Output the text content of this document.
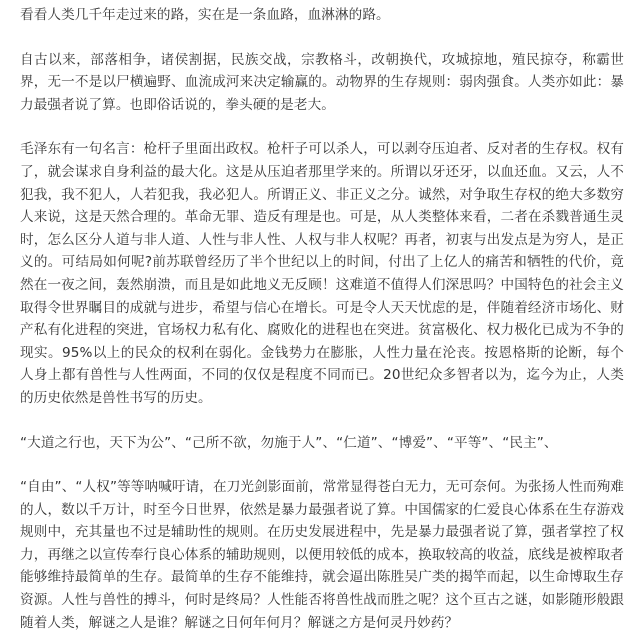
看看人类几千年走过来的路，实在是一条血路，血淋淋的路。

自古以来，部落相争，诸侯割据，民族交战，宗教格斗，改朝换代，攻城掠地，殖民掠夺，称霸世界，无一不是以尸横遍野、血流成河来决定输赢的。动物界的生存规则：弱肉强食。人类亦如此：暴 力最强者说了算。也即俗话说的，拳头硬的是老大。

毛泽东有一句名言：枪杆子里面出政权。枪杆子可以杀人，可以剥夺压迫者、反对者的生存权。权有了，就会谋求自身利益的最大化。这是从压迫者那里学来的。所谓以牙还牙，以血还血。又云，人不犯我，我不犯人，人若犯我，我必犯人。所谓正义、非正义之分。诚然，对争取生存权的绝大多数穷人来说，这是天然合理的。革命无罪、造反有理是也。可是，从人类整体来看，二者在杀戮普通生灵时，怎么区分人道与非人道、人性与非人性、人权与非人权呢？再者，初衷与出发点是为穷人，是正义的。可结局如何呢?前苏联曾经历了半个世纪以上的时间，付出了上亿人的痛苦和牺牲的代价，竟然在一夜之间，轰然崩溃，而且是如此地义无反顾！这难道不值得人们深思吗？中国特色的社会主义取得令世界瞩目的成就与进步，希望与信心在增长。可是令人天天忧虑的是，伴随着经济市场化、财产私有化进程的突进，官场权力私有化、腐败化的进程也在突进。贫富极化、权力极化已成为不争的现实。95%以上的民众的权利在弱化。金钱势力在膨胀，人性力量在沦丧。按恩格斯的论断，每个人身上都有兽性与人性两面，不同的仅仅是程度不同而已。20世纪众多智者以为，迄今为止，人类的历史依然是兽性书写的历史。

“大道之行也，天下为公”、“己所不欲，勿施于人”、“仁道”、“博爱”、“平等”、“民主”、

“自由”、“人权”等等呐喊吁请，在刀光剑影面前，常常显得苍白无力，无可奈何。为张扬人性而殉难的人，数以千万计，时至今日世界，依然是暴力最强者说了算。中国儒家的仁爱良心体系在生存游戏规则中，充其量也不过是辅助性的规则。在历史发展进程中，先是暴力最强者说了算，强者掌控了权力，再继之以宣传奉行良心体系的辅助规则，以便用较低的成本，换取较高的收益，底线是被榨取者能够维持最简单的生存。最简单的生存不能维持，就会逼出陈胜吴广类的揭竿而起，以生命博取生存资源。人性与兽性的搏斗，何时是终局？人性能否将兽性战而胜之呢？这个亘古之谜，如影随形般跟随着人类，解谜之人是谁？解谜之日何年何月？解谜之方是何灵丹妙药？
